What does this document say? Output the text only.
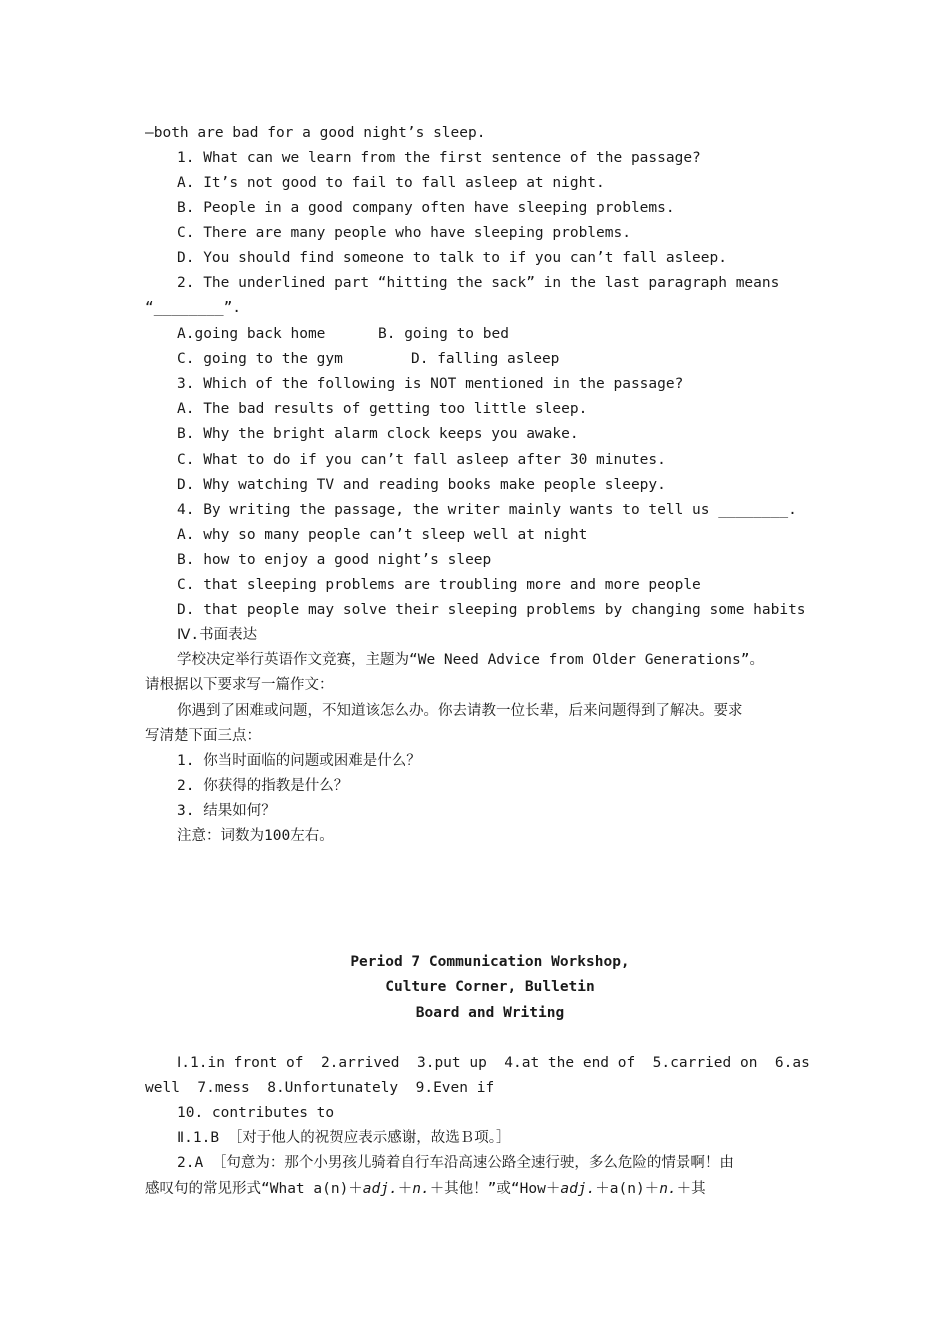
—both are bad for a good night’s sleep.
1. What can we learn from the first sentence of the passage?
A. It’s not good to fail to fall asleep at night.
B. People in a good company often have sleeping problems.
C. There are many people who have sleeping problems.
D. You should find someone to talk to if you can’t fall asleep.
2. The underlined part “hitting the sack” in the last paragraph means
“________”.
A.going back home	B. going to bed
C. going to the gym	D. falling asleep
3. Which of the following is NOT mentioned in the passage?
A. The bad results of getting too little sleep.
B. Why the bright alarm clock keeps you awake.
C. What to do if you can’t fall asleep after 30 minutes.
D. Why watching TV and reading books make people sleepy.
4. By writing the passage, the writer mainly wants to tell us ________.
A. why so many people can’t sleep well at night
B. how to enjoy a good night’s sleep
C. that sleeping problems are troubling more and more people
D. that people may solve their sleeping problems by changing some habits
Ⅳ.书面表达
学校决定举行英语作文竞赛，主题为“We Need Advice from Older Generations”。
请根据以下要求写一篇作文：
你遇到了困难或问题，不知道该怎么办。你去请教一位长辈，后来问题得到了解决。要求
写清楚下面三点：
1. 你当时面临的问题或困难是什么？
2. 你获得的指教是什么？
3. 结果如何？
注意：词数为100左右。
Period 7 Communication Workshop,
Culture Corner, Bulletin
Board and Writing
Ⅰ.1.in front of  2.arrived  3.put up  4.at the end of  5.carried on  6.as
well  7.mess  8.Unfortunately  9.Even if
10. contributes to
Ⅱ.1.B ［对于他人的祝贺应表示感谢，故选Ｂ项。］
2.A ［句意为：那个小男孩儿骑着自行车沿高速公路全速行驶，多么危险的情景啊！由
感叹句的常见形式“What a(n)＋adj.＋n.＋其他！”或“How＋adj.＋a(n)＋n.＋其
